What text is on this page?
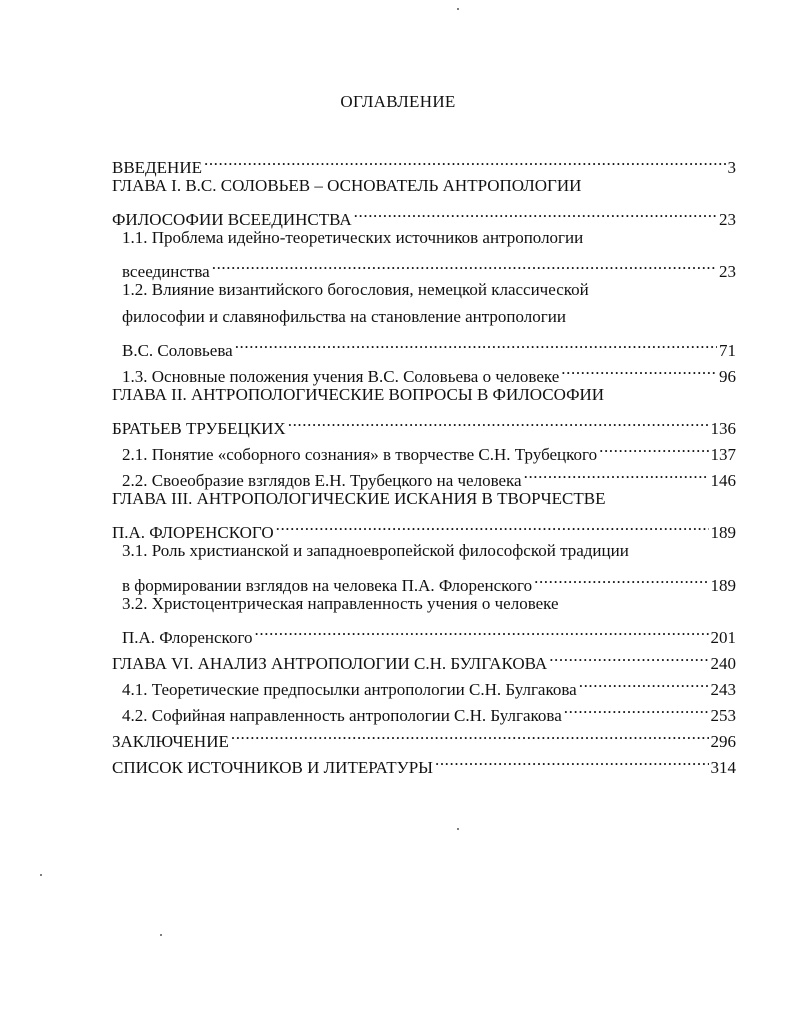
ОГЛАВЛЕНИЕ
ВВЕДЕНИЕ .....	3
ГЛАВА I. В.С. СОЛОВЬЕВ – ОСНОВАТЕЛЬ АНТРОПОЛОГИИ
ФИЛОСОФИИ ВСЕЕДИНСТВА .....	23
1.1. Проблема идейно-теоретических источников антропологии
всеединства .....	23
1.2. Влияние византийского богословия, немецкой классической
философии и славянофильства на становление антропологии
В.С. Соловьева .....	71
1.3. Основные положения учения В.С. Соловьева о человеке .....	96
ГЛАВА II. АНТРОПОЛОГИЧЕСКИЕ ВОПРОСЫ В ФИЛОСОФИИ
БРАТЬЕВ ТРУБЕЦКИХ .....	136
2.1. Понятие «соборного сознания» в творчестве С.Н. Трубецкого .....	137
2.2. Своеобразие взглядов Е.Н. Трубецкого на человека .....	146
ГЛАВА III. АНТРОПОЛОГИЧЕСКИЕ ИСКАНИЯ В ТВОРЧЕСТВЕ
П.А. ФЛОРЕНСКОГО .....	189
3.1. Роль христианской и западноевропейской философской традиции
в формировании взглядов на человека П.А. Флоренского .....	189
3.2. Христоцентрическая направленность учения о человеке
П.А. Флоренского .....	201
ГЛАВА VI. АНАЛИЗ АНТРОПОЛОГИИ С.Н. БУЛГАКОВА .....	240
4.1. Теоретические предпосылки антропологии С.Н. Булгакова .....	243
4.2. Софийная направленность антропологии С.Н. Булгакова .....	253
ЗАКЛЮЧЕНИЕ .....	296
СПИСОК ИСТОЧНИКОВ И ЛИТЕРАТУРЫ .....	314
